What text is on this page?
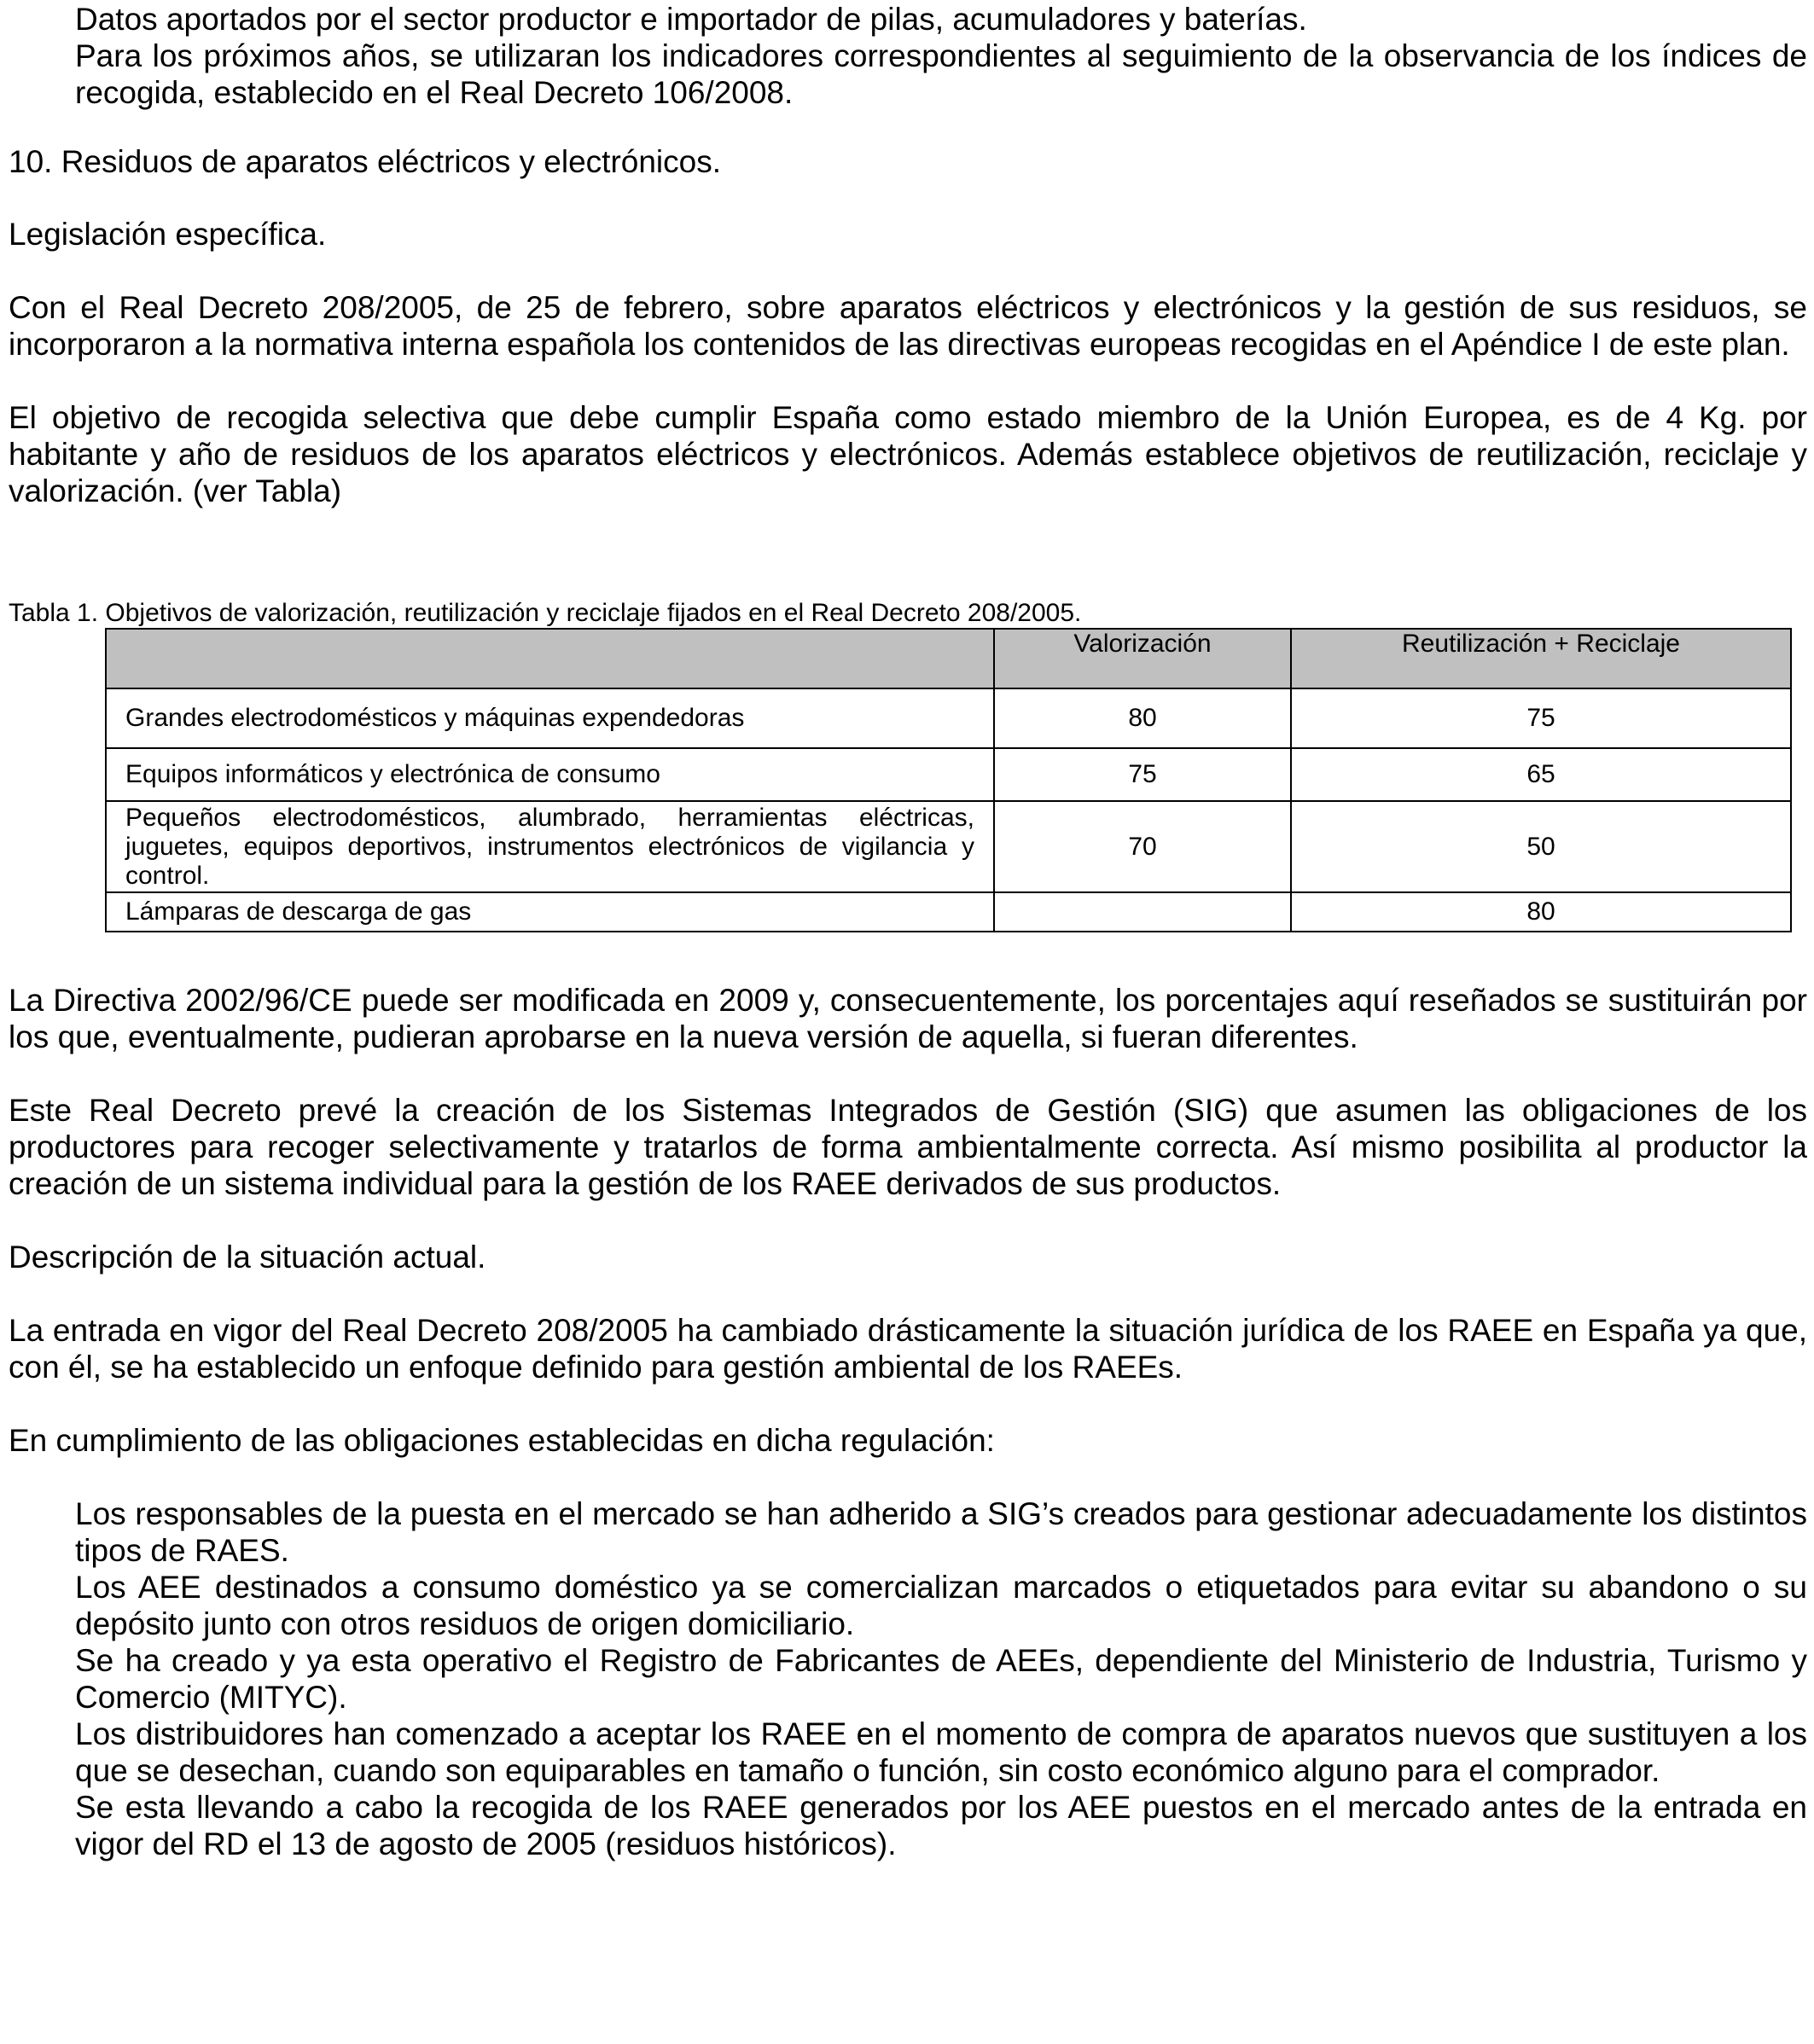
Datos aportados por el sector productor e importador de pilas, acumuladores y baterías.

Para los próximos años, se utilizaran los indicadores correspondientes al seguimiento de la observancia de los índices de recogida, establecido en el Real Decreto 106/2008.

10. Residuos de aparatos eléctricos y electrónicos.

Legislación específica.

Con el Real Decreto 208/2005, de 25 de febrero, sobre aparatos eléctricos y electrónicos y la gestión de sus residuos, se incorporaron a la normativa interna española los contenidos de las directivas europeas recogidas en el Apéndice I de este plan.

El objetivo de recogida selectiva que debe cumplir España como estado miembro de la Unión Europea, es de 4 Kg. por habitante y año de residuos de los aparatos eléctricos y electrónicos. Además establece objetivos de reutilización, reciclaje y valorización. (ver Tabla)

Tabla 1. Objetivos de valorización, reutilización y reciclaje fijados en el Real Decreto 208/2005.
	Valorización	Reutilización + Reciclaje
Grandes electrodomésticos y máquinas expendedoras	80	75
Equipos informáticos y electrónica de consumo	75	65
Pequeños electrodomésticos, alumbrado, herramientas eléctricas, juguetes, equipos deportivos, instrumentos electrónicos de vigilancia y control.	70	50
Lámparas de descarga de gas		80

La Directiva 2002/96/CE puede ser modificada en 2009 y, consecuentemente, los porcentajes aquí reseñados se sustituirán por los que, eventualmente, pudieran aprobarse en la nueva versión de aquella, si fueran diferentes.

Este Real Decreto prevé la creación de los Sistemas Integrados de Gestión (SIG) que asumen las obligaciones de los productores para recoger selectivamente y tratarlos de forma ambientalmente correcta. Así mismo posibilita al productor la creación de un sistema individual para la gestión de los RAEE derivados de sus productos.

Descripción de la situación actual.

La entrada en vigor del Real Decreto 208/2005 ha cambiado drásticamente la situación jurídica de los RAEE en España ya que, con él, se ha establecido un enfoque definido para gestión ambiental de los RAEEs.

En cumplimiento de las obligaciones establecidas en dicha regulación:

Los responsables de la puesta en el mercado se han adherido a SIG’s creados para gestionar adecuadamente los distintos tipos de RAES.

Los AEE destinados a consumo doméstico ya se comercializan marcados o etiquetados para evitar su abandono o su depósito junto con otros residuos de origen domiciliario.

Se ha creado y ya esta operativo el Registro de Fabricantes de AEEs, dependiente del Ministerio de Industria, Turismo y Comercio (MITYC).

Los distribuidores han comenzado a aceptar los RAEE en el momento de compra de aparatos nuevos que sustituyen a los que se desechan, cuando son equiparables en tamaño o función, sin costo económico alguno para el comprador.

Se esta llevando a cabo la recogida de los RAEE generados por los AEE puestos en el mercado antes de la entrada en vigor del RD el 13 de agosto de 2005 (residuos históricos).
